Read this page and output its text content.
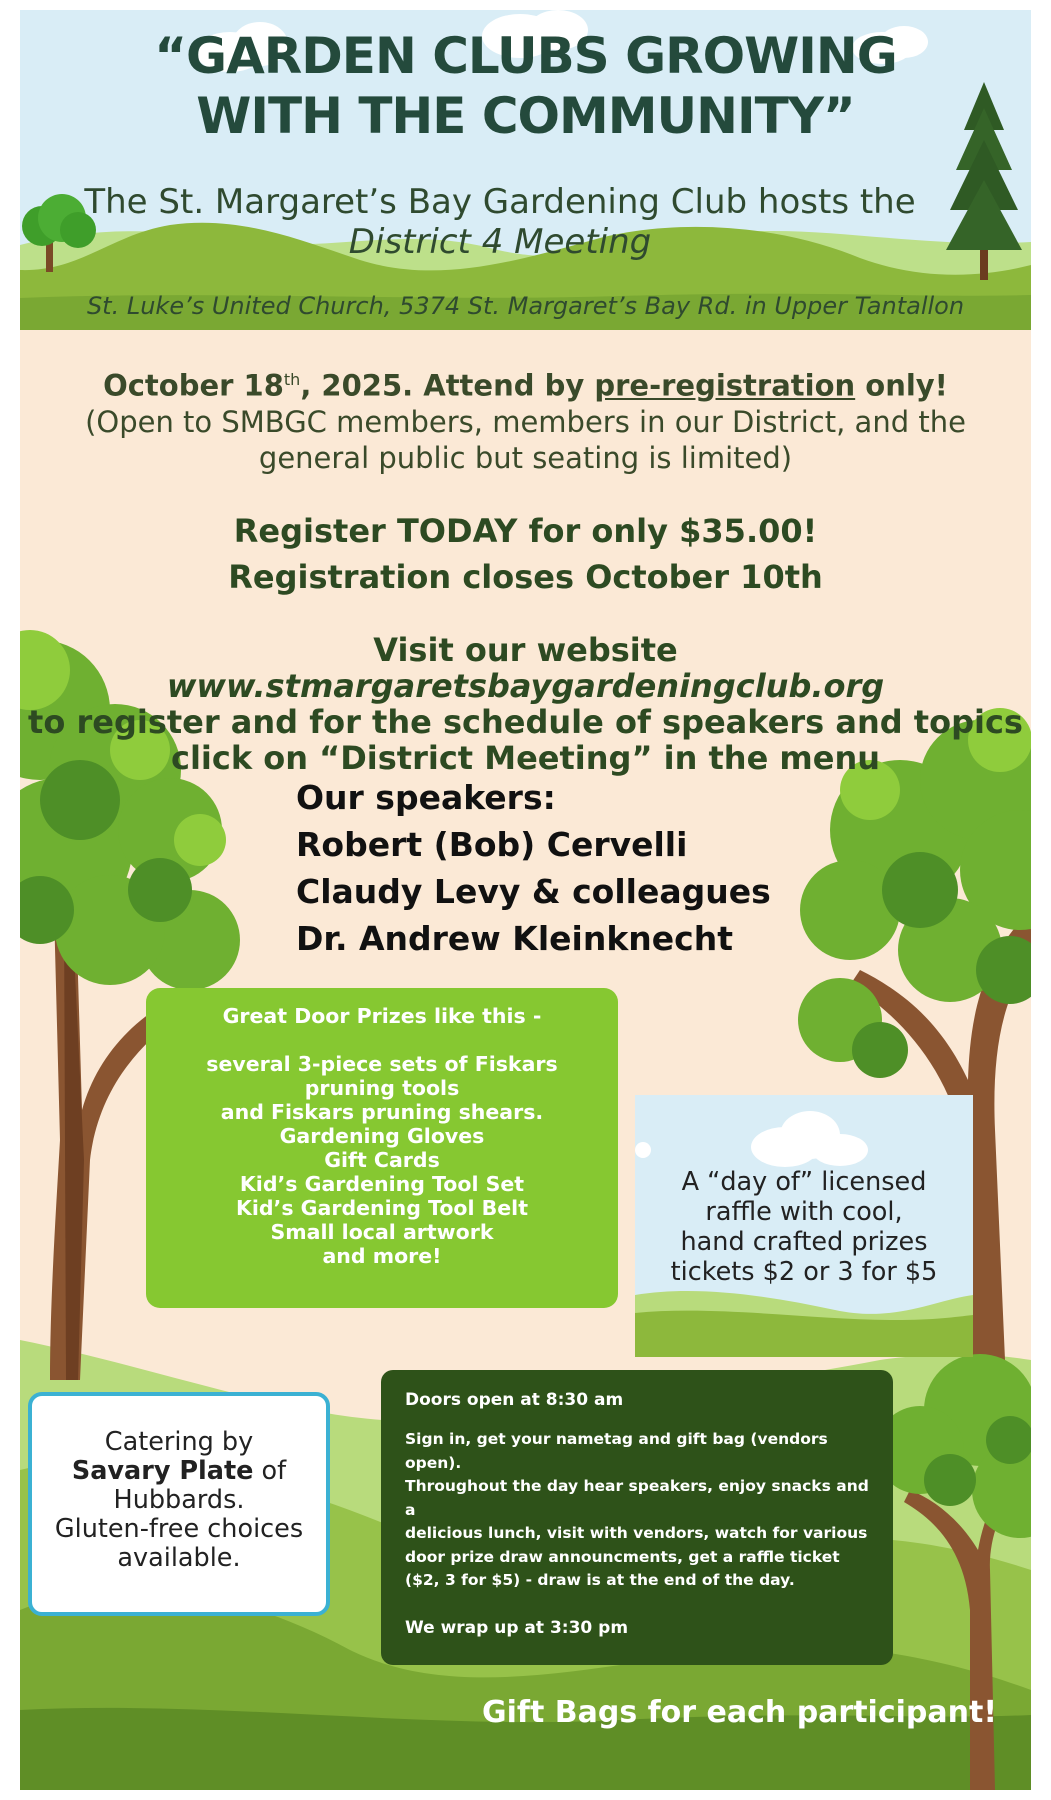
“GARDEN CLUBS GROWING
WITH THE COMMUNITY”
The St. Margaret’s Bay Gardening Club hosts the
District 4 Meeting
St. Luke’s United Church, 5374 St. Margaret’s Bay Rd. in Upper Tantallon
October 18th, 2025. Attend by pre-registration only!
(Open to SMBGC members, members in our District, and the
general public but seating is limited)
Register TODAY for only $35.00!
Registration closes October 10th
Visit our website www.stmargaretsbaygardeningclub.org
to register and for the schedule of speakers and topics
click on “District Meeting” in the menu
Our speakers:
Robert (Bob) Cervelli
Claudy Levy & colleagues
Dr. Andrew Kleinknecht
Great Door Prizes like this -
several 3-piece sets of Fiskars
pruning tools
and Fiskars pruning shears.
Gardening Gloves
Gift Cards
Kid’s Gardening Tool Set
Kid’s Gardening Tool Belt
Small local artwork
and more!
A “day of” licensed
raffle with cool,
hand crafted prizes
tickets $2 or 3 for $5
Catering by
Savary Plate of
Hubbards.
Gluten-free choices
available.
Doors open at 8:30 am
Sign in, get your nametag and gift bag (vendors open).
Throughout the day hear speakers, enjoy snacks and a
delicious lunch, visit with vendors, watch for various
door prize draw announcments, get a raffle ticket
($2, 3 for $5) - draw is at the end of the day.
We wrap up at 3:30 pm
Gift Bags for each participant!
